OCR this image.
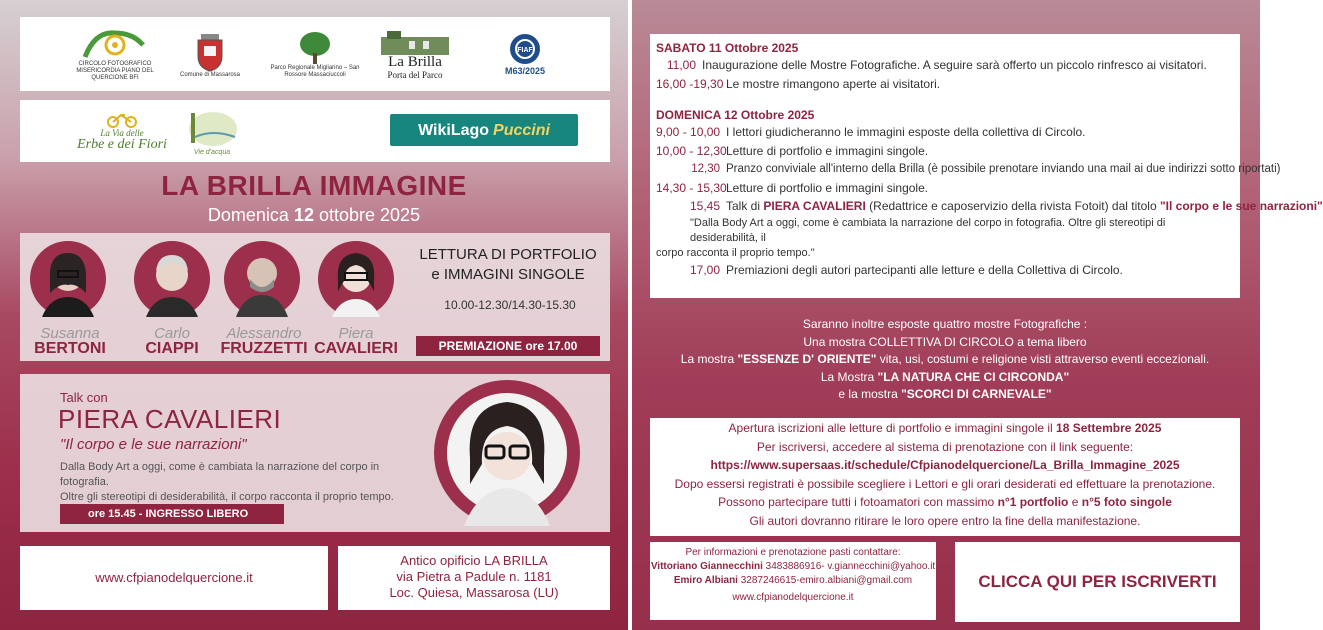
CIRCOLO FOTOGRAFICO MISERICORDIA PIANO DEL QUERCIONE BFI	Comune di Massarosa
Parco Regionale Migliarino – San Rossore Massaciuccoli
La Brilla
Porta del Parco
FIAF
M63/2025
La Via delle
Erbe e dei Fiori	Vie d'acqua
WikiLago Puccini
LA BRILLA IMMAGINE
Domenica 12 ottobre 2025
Susanna
BERTONI
Carlo
CIAPPI
Alessandro
FRUZZETTI
Piera
CAVALIERI
LETTURA DI PORTFOLIO
e IMMAGINI SINGOLE
10.00-12.30/14.30-15.30
PREMIAZIONE ore 17.00
Talk con
PIERA CAVALIERI
"Il corpo e le sue narrazioni"
Dalla Body Art a oggi, come è cambiata la narrazione del corpo in fotografia.
Oltre gli stereotipi di desiderabilità, il corpo racconta il proprio tempo.
ore 15.45 - INGRESSO LIBERO
www.cfpianodelquercione.it
Antico opificio LA BRILLA
via Pietra a Padule n. 1181
Loc. Quiesa, Massarosa (LU)
SABATO 11 Ottobre 2025
11,00 Inaugurazione delle Mostre Fotografiche. A seguire sarà offerto un piccolo rinfresco ai visitatori.
16,00 -19,30 Le mostre rimangono aperte ai visitatori.
DOMENICA 12 Ottobre 2025
9,00 - 10,00 I lettori giudicheranno le immagini esposte della collettiva di Circolo.
10,00 - 12,30Letture di portfolio e immagini singole.
12,30 Pranzo conviviale all'interno della Brilla (è possibile prenotare inviando una mail ai due indirizzi sotto riportati)
14,30 - 15,30Letture di portfolio e immagini singole.
15,45 Talk di PIERA CAVALIERI (Redattrice e caposervizio della rivista Fotoit) dal titolo "Il corpo e le sue narrazioni"
"Dalla Body Art a oggi, come è cambiata la narrazione del corpo in fotografia. Oltre gli stereotipi di desiderabilità, il
corpo racconta il proprio tempo."
17,00 Premiazioni degli autori partecipanti alle letture e della Collettiva di Circolo.
Saranno inoltre esposte quattro mostre Fotografiche :
Una mostra COLLETTIVA DI CIRCOLO a tema libero
La mostra "ESSENZE D' ORIENTE" vita, usi, costumi e religione visti attraverso eventi eccezionali.
La Mostra "LA NATURA CHE CI CIRCONDA"
e la mostra "SCORCI DI CARNEVALE"
Apertura iscrizioni alle letture di portfolio e immagini singole il 18 Settembre 2025
Per iscriversi, accedere al sistema di prenotazione con il link seguente:
https://www.supersaas.it/schedule/Cfpianodelquercione/La_Brilla_Immagine_2025
Dopo essersi registrati è possibile scegliere i Lettori e gli orari desiderati ed effettuare la prenotazione.
Possono partecipare tutti i fotoamatori con massimo n°1 portfolio e n°5 foto singole
Gli autori dovranno ritirare le loro opere entro la fine della manifestazione.
Per informazioni e prenotazione pasti contattare:
Vittoriano Giannecchini 3483886916- v.giannecchini@yahoo.it
Emiro Albiani 3287246615-emiro.albiani@gmail.com
www.cfpianodelquercione.it
CLICCA QUI PER ISCRIVERTI
